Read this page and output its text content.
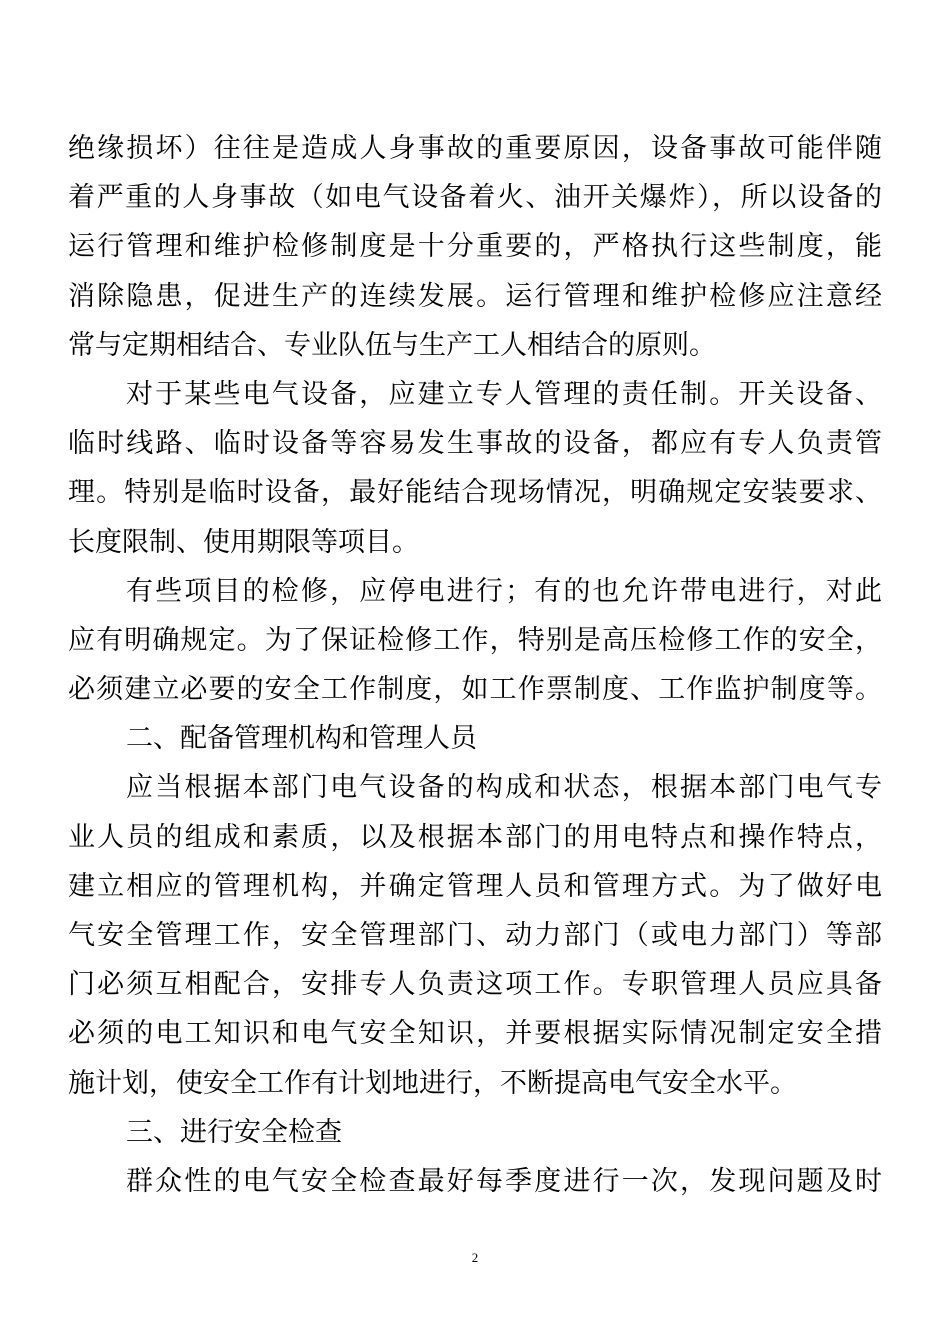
绝缘损坏）往往是造成人身事故的重要原因，设备事故可能伴随
着严重的人身事故（如电气设备着火、油开关爆炸），所以设备的
运行管理和维护检修制度是十分重要的，严格执行这些制度，能
消除隐患，促进生产的连续发展。运行管理和维护检修应注意经
常与定期相结合、专业队伍与生产工人相结合的原则。
对于某些电气设备，应建立专人管理的责任制。开关设备、
临时线路、临时设备等容易发生事故的设备，都应有专人负责管
理。特别是临时设备，最好能结合现场情况，明确规定安装要求、
长度限制、使用期限等项目。
有些项目的检修，应停电进行；有的也允许带电进行，对此
应有明确规定。为了保证检修工作，特别是高压检修工作的安全，
必须建立必要的安全工作制度，如工作票制度、工作监护制度等。
二、配备管理机构和管理人员
应当根据本部门电气设备的构成和状态，根据本部门电气专
业人员的组成和素质，以及根据本部门的用电特点和操作特点，
建立相应的管理机构，并确定管理人员和管理方式。为了做好电
气安全管理工作，安全管理部门、动力部门（或电力部门）等部
门必须互相配合，安排专人负责这项工作。专职管理人员应具备
必须的电工知识和电气安全知识，并要根据实际情况制定安全措
施计划，使安全工作有计划地进行，不断提高电气安全水平。
三、进行安全检查
群众性的电气安全检查最好每季度进行一次，发现问题及时
2
